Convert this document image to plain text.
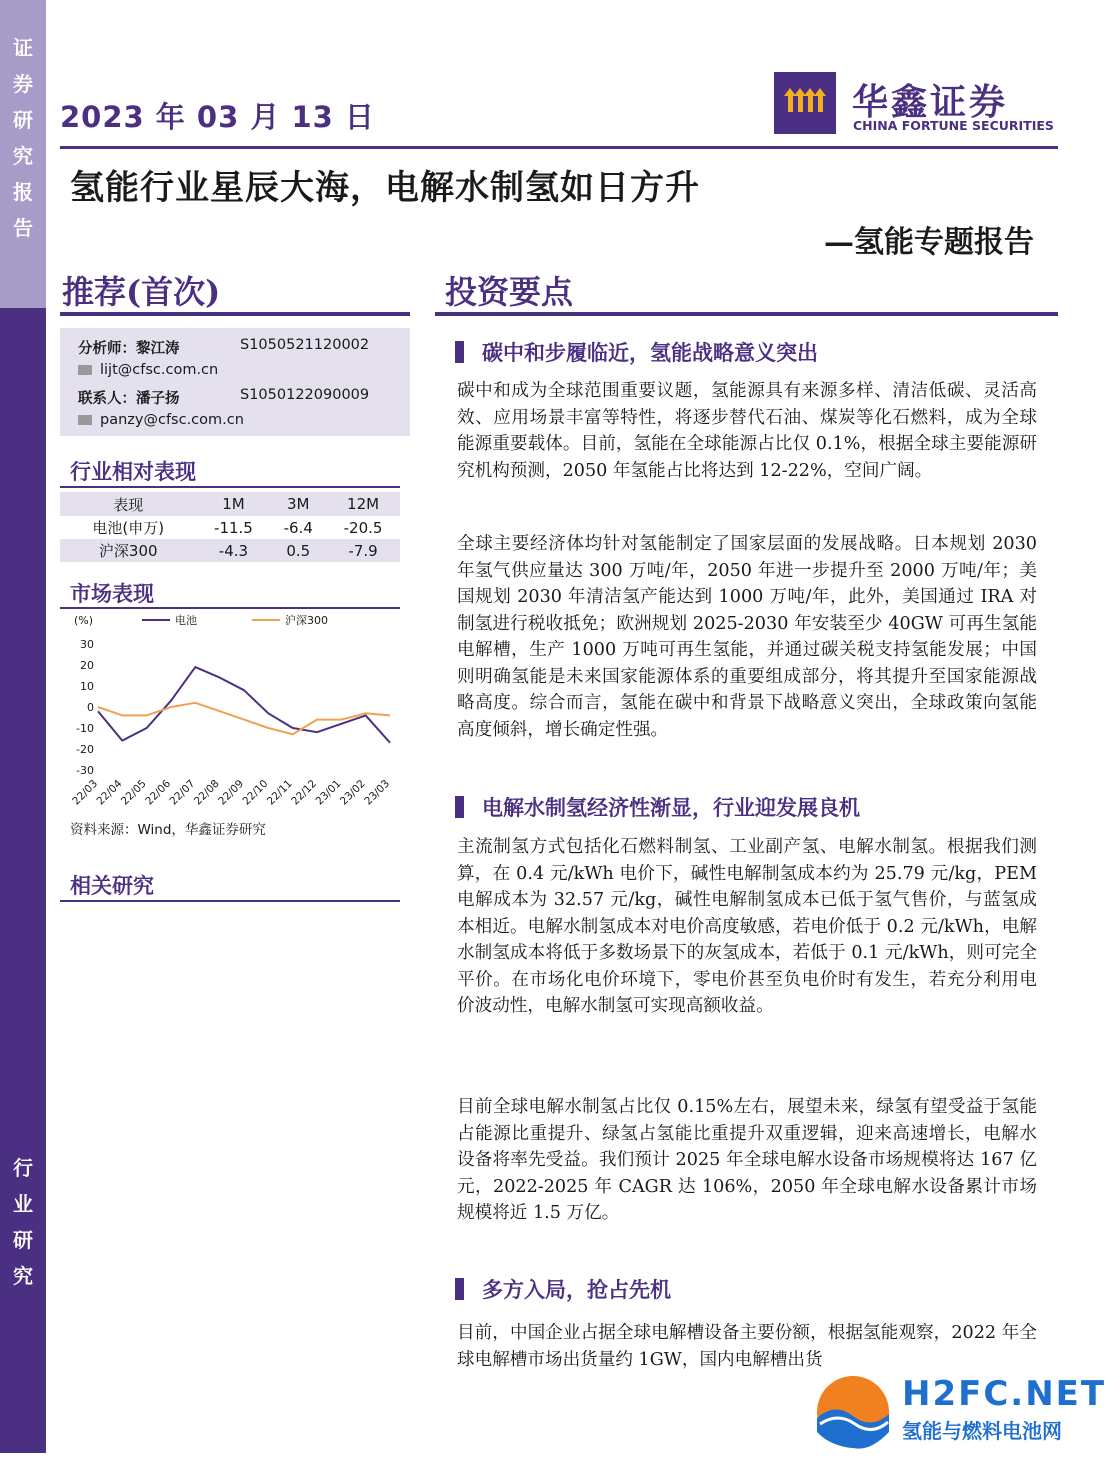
证
券
研
究
报
告
行
业
研
究
2023 年 03 月 13 日	华鑫证券
CHINA FORTUNE SECURITIES
氢能行业星辰大海，电解水制氢如日方升
—氢能专题报告
推荐(首次)
分析师：黎江涛	S1050521120002
lijt@cfsc.com.cn
联系人：潘子扬	S1050122090009
panzy@cfsc.com.cn
行业相对表现
表现	1M	3M	12M
电池(申万)	-11.5	-6.4	-20.5
沪深300	-4.3	0.5	-7.9
市场表现
(%)	电池	沪深300
30
20
10
0
-10
-20
-30
22/03
22/04
22/05
22/06
22/07
22/08
22/09
22/10
22/11
22/12
23/01
23/02
23/03
资料来源：Wind，华鑫证券研究
相关研究
投资要点
碳中和步履临近，氢能战略意义突出
碳中和成为全球范围重要议题，氢能源具有来源多样、清洁低碳、灵活高效、应用场景丰富等特性，将逐步替代石油、煤炭等化石燃料，成为全球能源重要载体。目前，氢能在全球能源占比仅 0.1%，根据全球主要能源研究机构预测，2050 年氢能占比将达到 12-22%，空间广阔。
全球主要经济体均针对氢能制定了国家层面的发展战略。日本规划 2030 年氢气供应量达 300 万吨/年，2050 年进一步提升至 2000 万吨/年；美国规划 2030 年清洁氢产能达到 1000 万吨/年，此外，美国通过 IRA 对制氢进行税收抵免；欧洲规划 2025-2030 年安装至少 40GW 可再生氢能电解槽，生产 1000 万吨可再生氢能，并通过碳关税支持氢能发展；中国则明确氢能是未来国家能源体系的重要组成部分，将其提升至国家能源战略高度。综合而言，氢能在碳中和背景下战略意义突出，全球政策向氢能高度倾斜，增长确定性强。
电解水制氢经济性渐显，行业迎发展良机
主流制氢方式包括化石燃料制氢、工业副产氢、电解水制氢。根据我们测算，在 0.4 元/kWh 电价下，碱性电解制氢成本约为 25.79 元/kg，PEM 电解成本为 32.57 元/kg，碱性电解制氢成本已低于氢气售价，与蓝氢成本相近。电解水制氢成本对电价高度敏感，若电价低于 0.2 元/kWh，电解水制氢成本将低于多数场景下的灰氢成本，若低于 0.1 元/kWh，则可完全平价。在市场化电价环境下，零电价甚至负电价时有发生，若充分利用电价波动性，电解水制氢可实现高额收益。
目前全球电解水制氢占比仅 0.15%左右，展望未来，绿氢有望受益于氢能占能源比重提升、绿氢占氢能比重提升双重逻辑，迎来高速增长，电解水设备将率先受益。我们预计 2025 年全球电解水设备市场规模将达 167 亿元，2022-2025 年 CAGR 达 106%，2050 年全球电解水设备累计市场规模将近 1.5 万亿。
多方入局，抢占先机
目前，中国企业占据全球电解槽设备主要份额，根据氢能观察，2022 年全球电解槽市场出货量约 1GW，国内电解槽出货
H2FC.NET
氢能与燃料电池网
